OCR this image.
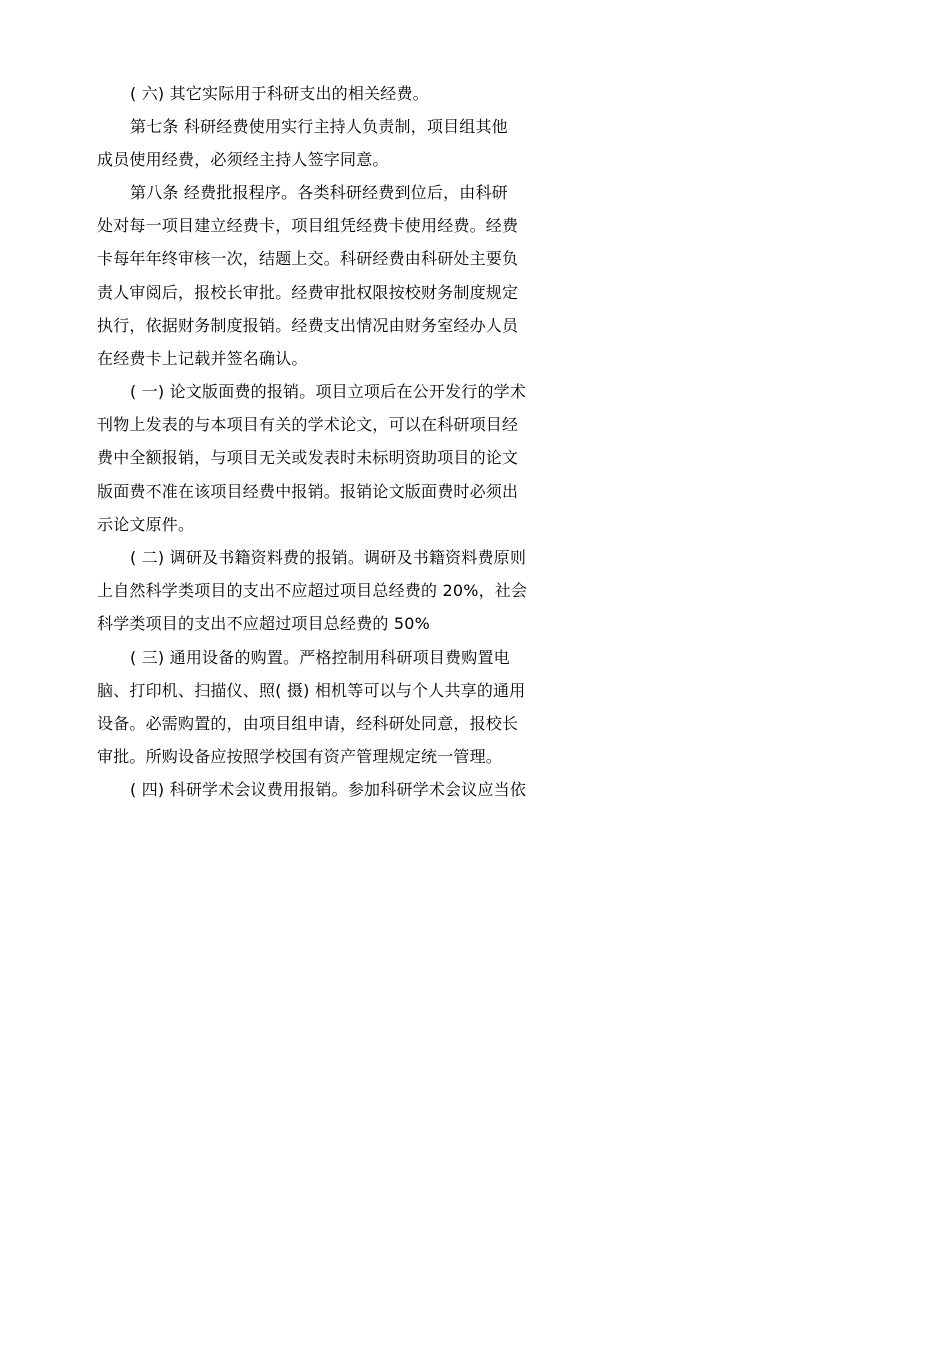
( 六) 其它实际用于科研支出的相关经费。
第七条 科研经费使用实行主持人负责制，项目组其他
成员使用经费，必须经主持人签字同意。
第八条 经费批报程序。各类科研经费到位后，由科研
处对每一项目建立经费卡，项目组凭经费卡使用经费。经费
卡每年年终审核一次，结题上交。科研经费由科研处主要负
责人审阅后，报校长审批。经费审批权限按校财务制度规定
执行，依据财务制度报销。经费支出情况由财务室经办人员
在经费卡上记载并签名确认。
( 一) 论文版面费的报销。项目立项后在公开发行的学术
刊物上发表的与本项目有关的学术论文，可以在科研项目经
费中全额报销，与项目无关或发表时未标明资助项目的论文
版面费不准在该项目经费中报销。报销论文版面费时必须出
示论文原件。
( 二) 调研及书籍资料费的报销。调研及书籍资料费原则
上自然科学类项目的支出不应超过项目总经费的 20%，社会
科学类项目的支出不应超过项目总经费的 50%
( 三) 通用设备的购置。严格控制用科研项目费购置电
脑、打印机、扫描仪、照( 摄) 相机等可以与个人共享的通用
设备。必需购置的，由项目组申请，经科研处同意，报校长
审批。所购设备应按照学校国有资产管理规定统一管理。
( 四) 科研学术会议费用报销。参加科研学术会议应当依
